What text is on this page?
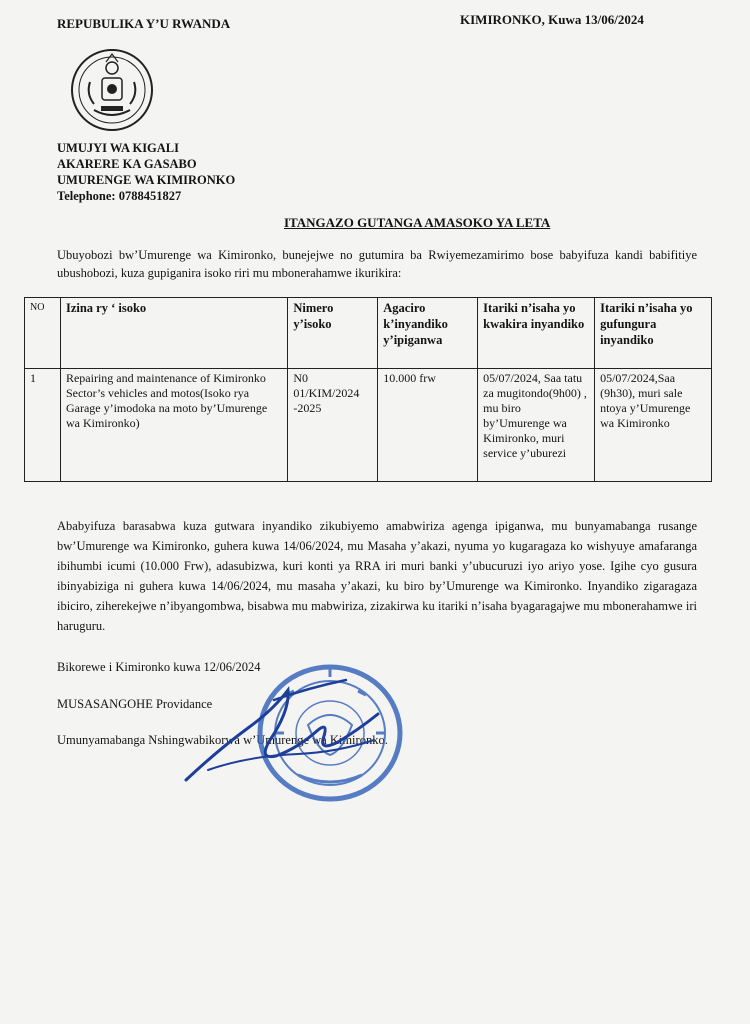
REPUBULIKA Y’U RWANDA	KIMIRONKO, Kuwa 13/06/2024
UMUJYI WA KIGALI
AKARERE KA GASABO
UMURENGE WA KIMIRONKO
Telephone: 0788451827
ITANGAZO GUTANGA AMASOKO YA LETA
Ubuyobozi bw’Umurenge wa Kimironko, bunejejwe no gutumira ba Rwiyemezamirimo bose babyifuza kandi babifitiye ubushobozi, kuza gupiganira isoko riri mu mbonerahamwe ikurikira:
NO	Izina ry ‘ isoko	Nimero y’isoko	Agaciro k’inyandiko y’ipiganwa	Itariki n’isaha yo kwakira inyandiko	Itariki n’isaha yo gufungura inyandiko
1	Repairing and maintenance of Kimironko Sector’s vehicles and motos(Isoko rya Garage y’imodoka na moto by’Umurenge wa Kimironko)	N0 01/KIM/2024 -2025	10.000 frw	05/07/2024, Saa tatu za mugitondo(9h00) , mu biro by’Umurenge wa Kimironko, muri service y’uburezi	05/07/2024,Saa (9h30), muri sale ntoya y’Umurenge wa Kimironko
Ababyifuza barasabwa kuza gutwara inyandiko zikubiyemo amabwiriza agenga ipiganwa, mu bunyamabanga rusange bw’Umurenge wa Kimironko, guhera kuwa 14/06/2024, mu Masaha y’akazi, nyuma yo kugaragaza ko wishyuye amafaranga ibihumbi icumi (10.000 Frw), adasubizwa, kuri konti ya RRA iri muri banki y’ubucuruzi iyo ariyo yose. Igihe cyo gusura ibinyabiziga ni guhera kuwa 14/06/2024, mu masaha y’akazi, ku biro by’Umurenge wa Kimironko. Inyandiko zigaragaza ibiciro, ziherekejwe n’ibyangombwa, bisabwa mu mabwiriza, zizakirwa ku itariki n’isaha byagaragajwe mu mbonerahamwe iri haruguru.
Bikorewe i Kimironko kuwa 12/06/2024
MUSASANGOHE Providance
Umunyamabanga Nshingwabikorwa w’Umurenge wa Kimironko.
